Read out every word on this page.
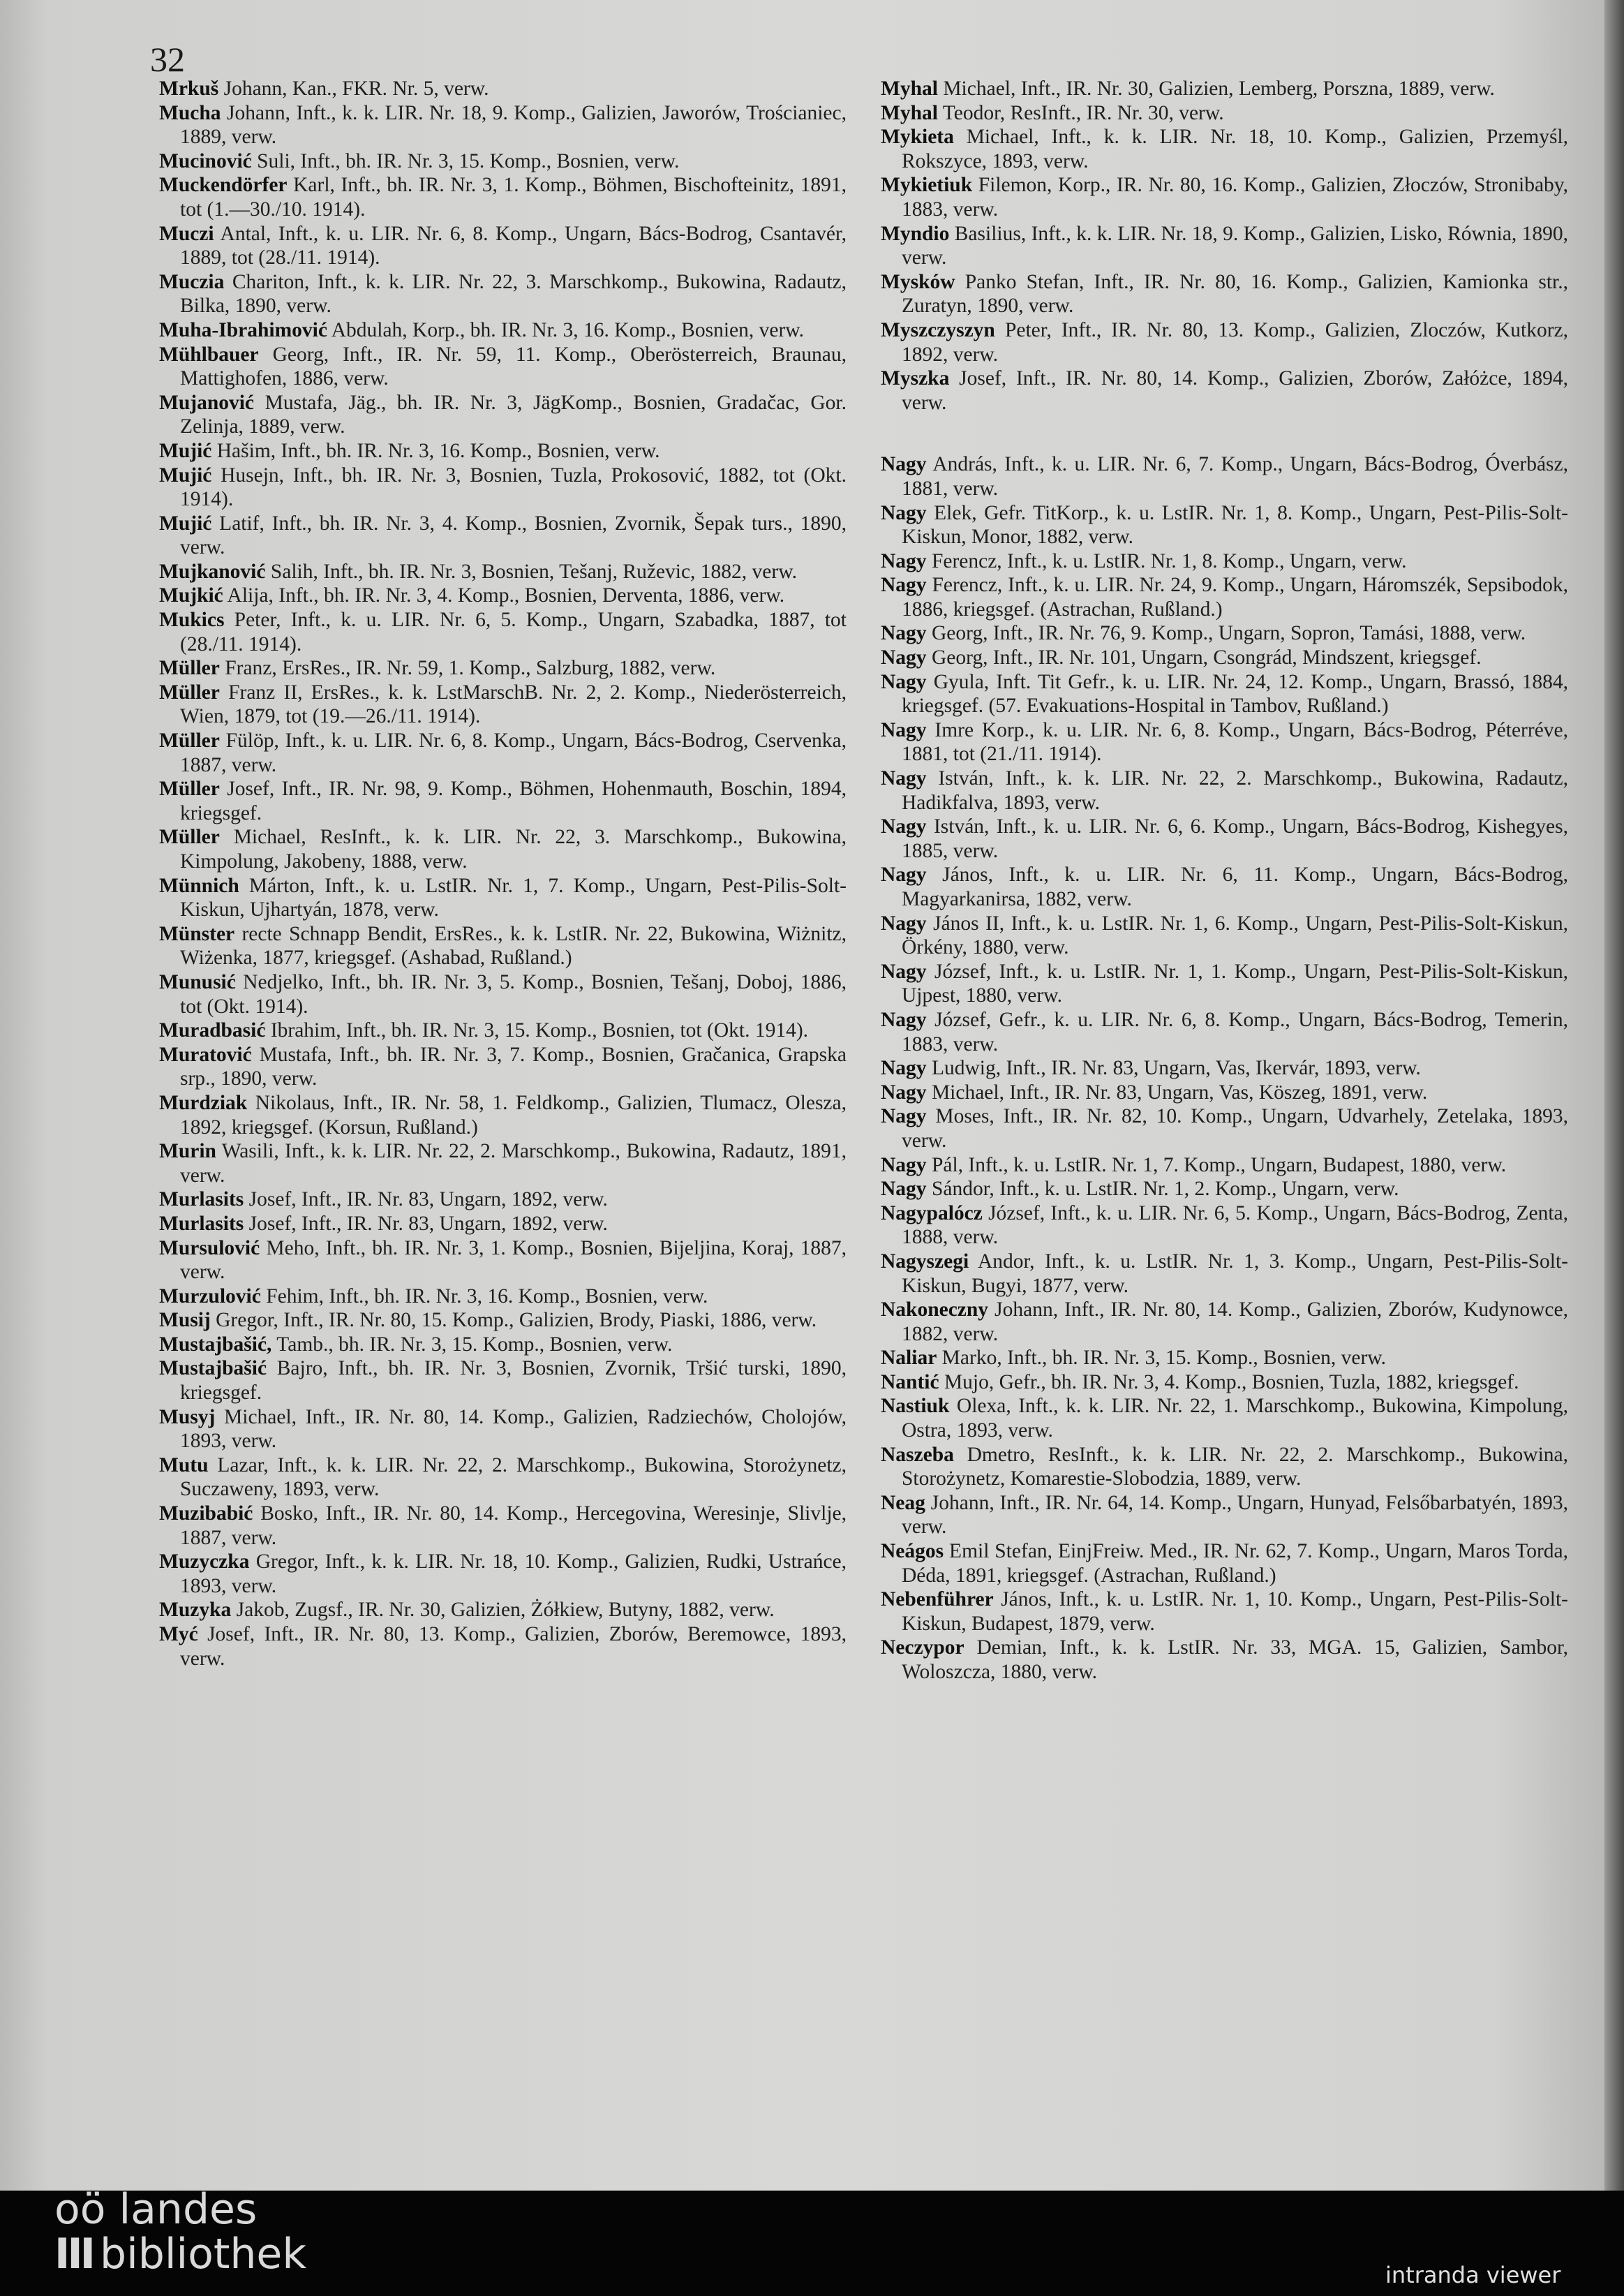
32

Mrkuš Johann, Kan., FKR. Nr. 5, verw.

Mucha Johann, Inft., k. k. LIR. Nr. 18, 9. Komp., Galizien, Jaworów, Trościaniec, 1889, verw.

Mucinović Suli, Inft., bh. IR. Nr. 3, 15. Komp., Bosnien, verw.

Muckendörfer Karl, Inft., bh. IR. Nr. 3, 1. Komp., Böhmen, Bischofteinitz, 1891, tot (1.—30./10. 1914).

Muczi Antal, Inft., k. u. LIR. Nr. 6, 8. Komp., Ungarn, Bács-Bodrog, Csantavér, 1889, tot (28./11. 1914).

Muczia Chariton, Inft., k. k. LIR. Nr. 22, 3. Marschkomp., Bukowina, Radautz, Bilka, 1890, verw.

Muha-Ibrahimović Abdulah, Korp., bh. IR. Nr. 3, 16. Komp., Bosnien, verw.

Mühlbauer Georg, Inft., IR. Nr. 59, 11. Komp., Oberösterreich, Braunau, Mattighofen, 1886, verw.

Mujanović Mustafa, Jäg., bh. IR. Nr. 3, JägKomp., Bosnien, Gradačac, Gor. Zelinja, 1889, verw.

Mujić Hašim, Inft., bh. IR. Nr. 3, 16. Komp., Bosnien, verw.

Mujić Husejn, Inft., bh. IR. Nr. 3, Bosnien, Tuzla, Prokosović, 1882, tot (Okt. 1914).

Mujić Latif, Inft., bh. IR. Nr. 3, 4. Komp., Bosnien, Zvornik, Šepak turs., 1890, verw.

Mujkanović Salih, Inft., bh. IR. Nr. 3, Bosnien, Tešanj, Ruževic, 1882, verw.

Mujkić Alija, Inft., bh. IR. Nr. 3, 4. Komp., Bosnien, Derventa, 1886, verw.

Mukics Peter, Inft., k. u. LIR. Nr. 6, 5. Komp., Ungarn, Szabadka, 1887, tot (28./11. 1914).

Müller Franz, ErsRes., IR. Nr. 59, 1. Komp., Salzburg, 1882, verw.

Müller Franz II, ErsRes., k. k. LstMarschB. Nr. 2, 2. Komp., Niederösterreich, Wien, 1879, tot (19.—26./11. 1914).

Müller Fülöp, Inft., k. u. LIR. Nr. 6, 8. Komp., Ungarn, Bács-Bodrog, Cservenka, 1887, verw.

Müller Josef, Inft., IR. Nr. 98, 9. Komp., Böhmen, Hohenmauth, Boschin, 1894, kriegsgef.

Müller Michael, ResInft., k. k. LIR. Nr. 22, 3. Marschkomp., Bukowina, Kimpolung, Jakobeny, 1888, verw.

Münnich Márton, Inft., k. u. LstIR. Nr. 1, 7. Komp., Ungarn, Pest-Pilis-Solt-Kiskun, Ujhartyán, 1878, verw.

Münster recte Schnapp Bendit, ErsRes., k. k. LstIR. Nr. 22, Bukowina, Wiżnitz, Wiżenka, 1877, kriegsgef. (Ashabad, Rußland.)

Munusić Nedjelko, Inft., bh. IR. Nr. 3, 5. Komp., Bosnien, Tešanj, Doboj, 1886, tot (Okt. 1914).

Muradbasić Ibrahim, Inft., bh. IR. Nr. 3, 15. Komp., Bosnien, tot (Okt. 1914).

Muratović Mustafa, Inft., bh. IR. Nr. 3, 7. Komp., Bosnien, Gračanica, Grapska srp., 1890, verw.

Murdziak Nikolaus, Inft., IR. Nr. 58, 1. Feldkomp., Galizien, Tlumacz, Olesza, 1892, kriegsgef. (Korsun, Rußland.)

Murin Wasili, Inft., k. k. LIR. Nr. 22, 2. Marschkomp., Bukowina, Radautz, 1891, verw.

Murlasits Josef, Inft., IR. Nr. 83, Ungarn, 1892, verw.

Murlasits Josef, Inft., IR. Nr. 83, Ungarn, 1892, verw.

Mursulović Meho, Inft., bh. IR. Nr. 3, 1. Komp., Bosnien, Bijeljina, Koraj, 1887, verw.

Murzulović Fehim, Inft., bh. IR. Nr. 3, 16. Komp., Bosnien, verw.

Musij Gregor, Inft., IR. Nr. 80, 15. Komp., Galizien, Brody, Piaski, 1886, verw.

Mustajbašić, Tamb., bh. IR. Nr. 3, 15. Komp., Bosnien, verw.

Mustajbašić Bajro, Inft., bh. IR. Nr. 3, Bosnien, Zvornik, Tršić turski, 1890, kriegsgef.

Musyj Michael, Inft., IR. Nr. 80, 14. Komp., Galizien, Radziechów, Cholojów, 1893, verw.

Mutu Lazar, Inft., k. k. LIR. Nr. 22, 2. Marschkomp., Bukowina, Storożynetz, Suczaweny, 1893, verw.

Muzibabić Bosko, Inft., IR. Nr. 80, 14. Komp., Hercegovina, Weresinje, Slivlje, 1887, verw.

Muzyczka Gregor, Inft., k. k. LIR. Nr. 18, 10. Komp., Galizien, Rudki, Ustrańce, 1893, verw.

Muzyka Jakob, Zugsf., IR. Nr. 30, Galizien, Żółkiew, Butyny, 1882, verw.

Myć Josef, Inft., IR. Nr. 80, 13. Komp., Galizien, Zborów, Beremowce, 1893, verw.

Myhal Michael, Inft., IR. Nr. 30, Galizien, Lemberg, Porszna, 1889, verw.

Myhal Teodor, ResInft., IR. Nr. 30, verw.

Mykieta Michael, Inft., k. k. LIR. Nr. 18, 10. Komp., Galizien, Przemyśl, Rokszyce, 1893, verw.

Mykietiuk Filemon, Korp., IR. Nr. 80, 16. Komp., Galizien, Złoczów, Stronibaby, 1883, verw.

Myndio Basilius, Inft., k. k. LIR. Nr. 18, 9. Komp., Galizien, Lisko, Równia, 1890, verw.

Mysków Panko Stefan, Inft., IR. Nr. 80, 16. Komp., Galizien, Kamionka str., Zuratyn, 1890, verw.

Myszczyszyn Peter, Inft., IR. Nr. 80, 13. Komp., Galizien, Zloczów, Kutkorz, 1892, verw.

Myszka Josef, Inft., IR. Nr. 80, 14. Komp., Galizien, Zborów, Załóżce, 1894, verw.

Nagy András, Inft., k. u. LIR. Nr. 6, 7. Komp., Ungarn, Bács-Bodrog, Óverbász, 1881, verw.

Nagy Elek, Gefr. TitKorp., k. u. LstIR. Nr. 1, 8. Komp., Ungarn, Pest-Pilis-Solt-Kiskun, Monor, 1882, verw.

Nagy Ferencz, Inft., k. u. LstIR. Nr. 1, 8. Komp., Ungarn, verw.

Nagy Ferencz, Inft., k. u. LIR. Nr. 24, 9. Komp., Ungarn, Háromszék, Sepsibodok, 1886, kriegsgef. (Astrachan, Rußland.)

Nagy Georg, Inft., IR. Nr. 76, 9. Komp., Ungarn, Sopron, Tamási, 1888, verw.

Nagy Georg, Inft., IR. Nr. 101, Ungarn, Csongrád, Mindszent, kriegsgef.

Nagy Gyula, Inft. Tit Gefr., k. u. LIR. Nr. 24, 12. Komp., Ungarn, Brassó, 1884, kriegsgef. (57. Evakuations-Hospital in Tambov, Rußland.)

Nagy Imre Korp., k. u. LIR. Nr. 6, 8. Komp., Ungarn, Bács-Bodrog, Péterréve, 1881, tot (21./11. 1914).

Nagy István, Inft., k. k. LIR. Nr. 22, 2. Marschkomp., Bukowina, Radautz, Hadikfalva, 1893, verw.

Nagy István, Inft., k. u. LIR. Nr. 6, 6. Komp., Ungarn, Bács-Bodrog, Kishegyes, 1885, verw.

Nagy János, Inft., k. u. LIR. Nr. 6, 11. Komp., Ungarn, Bács-Bodrog, Magyarkanirsa, 1882, verw.

Nagy János II, Inft., k. u. LstIR. Nr. 1, 6. Komp., Ungarn, Pest-Pilis-Solt-Kiskun, Örkény, 1880, verw.

Nagy József, Inft., k. u. LstIR. Nr. 1, 1. Komp., Ungarn, Pest-Pilis-Solt-Kiskun, Ujpest, 1880, verw.

Nagy József, Gefr., k. u. LIR. Nr. 6, 8. Komp., Ungarn, Bács-Bodrog, Temerin, 1883, verw.

Nagy Ludwig, Inft., IR. Nr. 83, Ungarn, Vas, Ikervár, 1893, verw.

Nagy Michael, Inft., IR. Nr. 83, Ungarn, Vas, Köszeg, 1891, verw.

Nagy Moses, Inft., IR. Nr. 82, 10. Komp., Ungarn, Udvarhely, Zetelaka, 1893, verw.

Nagy Pál, Inft., k. u. LstIR. Nr. 1, 7. Komp., Ungarn, Budapest, 1880, verw.

Nagy Sándor, Inft., k. u. LstIR. Nr. 1, 2. Komp., Ungarn, verw.

Nagypalócz József, Inft., k. u. LIR. Nr. 6, 5. Komp., Ungarn, Bács-Bodrog, Zenta, 1888, verw.

Nagyszegi Andor, Inft., k. u. LstIR. Nr. 1, 3. Komp., Ungarn, Pest-Pilis-Solt-Kiskun, Bugyi, 1877, verw.

Nakoneczny Johann, Inft., IR. Nr. 80, 14. Komp., Galizien, Zborów, Kudynowce, 1882, verw.

Naliar Marko, Inft., bh. IR. Nr. 3, 15. Komp., Bosnien, verw.

Nantić Mujo, Gefr., bh. IR. Nr. 3, 4. Komp., Bosnien, Tuzla, 1882, kriegsgef.

Nastiuk Olexa, Inft., k. k. LIR. Nr. 22, 1. Marschkomp., Bukowina, Kimpolung, Ostra, 1893, verw.

Naszeba Dmetro, ResInft., k. k. LIR. Nr. 22, 2. Marschkomp., Bukowina, Storożynetz, Komarestie-Slobodzia, 1889, verw.

Neag Johann, Inft., IR. Nr. 64, 14. Komp., Ungarn, Hunyad, Felsőbarbatyén, 1893, verw.

Neágos Emil Stefan, EinjFreiw. Med., IR. Nr. 62, 7. Komp., Ungarn, Maros Torda, Déda, 1891, kriegsgef. (Astrachan, Rußland.)

Nebenführer János, Inft., k. u. LstIR. Nr. 1, 10. Komp., Ungarn, Pest-Pilis-Solt-Kiskun, Budapest, 1879, verw.

Neczypor Demian, Inft., k. k. LstIR. Nr. 33, MGA. 15, Galizien, Sambor, Woloszcza, 1880, verw.

oö landes
III bibliothek	intranda viewer
